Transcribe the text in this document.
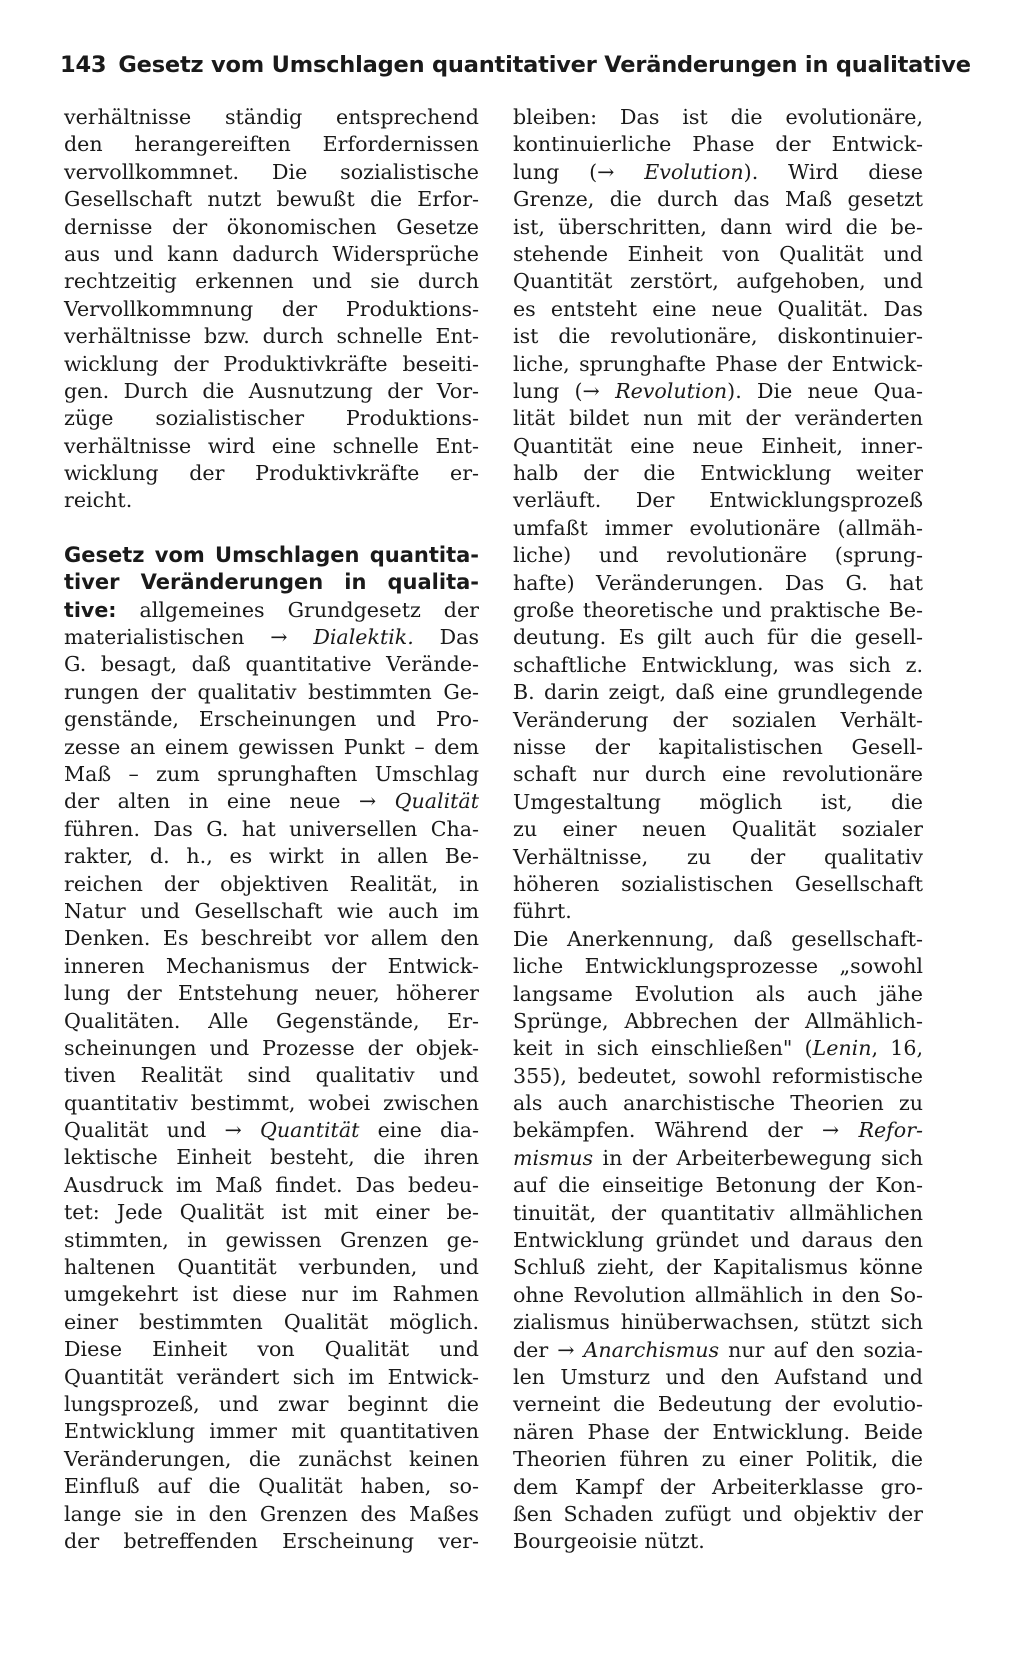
143 Gesetz vom Umschlagen quantitativer Veränderungen in qualitative
verhältnisse ständig entsprechend
den herangereiften Erfordernissen
vervollkommnet. Die sozialistische
Gesellschaft nutzt bewußt die Erfor-
dernisse der ökonomischen Gesetze
aus und kann dadurch Widersprüche
rechtzeitig erkennen und sie durch
Vervollkommnung der Produktions-
verhältnisse bzw. durch schnelle Ent-
wicklung der Produktivkräfte beseiti-
gen. Durch die Ausnutzung der Vor-
züge sozialistischer Produktions-
verhältnisse wird eine schnelle Ent-
wicklung der Produktivkräfte er-
reicht.
Gesetz vom Umschlagen quantita-
tiver Veränderungen in qualita-
tive: allgemeines Grundgesetz der
materialistischen → Dialektik. Das
G. besagt, daß quantitative Verände-
rungen der qualitativ bestimmten Ge-
genstände, Erscheinungen und Pro-
zesse an einem gewissen Punkt – dem
Maß – zum sprunghaften Umschlag
der alten in eine neue → Qualität
führen. Das G. hat universellen Cha-
rakter, d. h., es wirkt in allen Be-
reichen der objektiven Realität, in
Natur und Gesellschaft wie auch im
Denken. Es beschreibt vor allem den
inneren Mechanismus der Entwick-
lung der Entstehung neuer, höherer
Qualitäten. Alle Gegenstände, Er-
scheinungen und Prozesse der objek-
tiven Realität sind qualitativ und
quantitativ bestimmt, wobei zwischen
Qualität und → Quantität eine dia-
lektische Einheit besteht, die ihren
Ausdruck im Maß findet. Das bedeu-
tet: Jede Qualität ist mit einer be-
stimmten, in gewissen Grenzen ge-
haltenen Quantität verbunden, und
umgekehrt ist diese nur im Rahmen
einer bestimmten Qualität möglich.
Diese Einheit von Qualität und
Quantität verändert sich im Entwick-
lungsprozeß, und zwar beginnt die
Entwicklung immer mit quantitativen
Veränderungen, die zunächst keinen
Einfluß auf die Qualität haben, so-
lange sie in den Grenzen des Maßes
der betreffenden Erscheinung ver-
bleiben: Das ist die evolutionäre,
kontinuierliche Phase der Entwick-
lung (→ Evolution). Wird diese
Grenze, die durch das Maß gesetzt
ist, überschritten, dann wird die be-
stehende Einheit von Qualität und
Quantität zerstört, aufgehoben, und
es entsteht eine neue Qualität. Das
ist die revolutionäre, diskontinuier-
liche, sprunghafte Phase der Entwick-
lung (→ Revolution). Die neue Qua-
lität bildet nun mit der veränderten
Quantität eine neue Einheit, inner-
halb der die Entwicklung weiter
verläuft. Der Entwicklungsprozeß
umfaßt immer evolutionäre (allmäh-
liche) und revolutionäre (sprung-
hafte) Veränderungen. Das G. hat
große theoretische und praktische Be-
deutung. Es gilt auch für die gesell-
schaftliche Entwicklung, was sich z.
B. darin zeigt, daß eine grundlegende
Veränderung der sozialen Verhält-
nisse der kapitalistischen Gesell-
schaft nur durch eine revolutionäre
Umgestaltung möglich ist, die
zu einer neuen Qualität sozialer
Verhältnisse, zu der qualitativ
höheren sozialistischen Gesellschaft
führt.
Die Anerkennung, daß gesellschaft-
liche Entwicklungsprozesse „sowohl
langsame Evolution als auch jähe
Sprünge, Abbrechen der Allmählich-
keit in sich einschließen" (Lenin, 16,
355), bedeutet, sowohl reformistische
als auch anarchistische Theorien zu
bekämpfen. Während der → Refor-
mismus in der Arbeiterbewegung sich
auf die einseitige Betonung der Kon-
tinuität, der quantitativ allmählichen
Entwicklung gründet und daraus den
Schluß zieht, der Kapitalismus könne
ohne Revolution allmählich in den So-
zialismus hinüberwachsen, stützt sich
der → Anarchismus nur auf den sozia-
len Umsturz und den Aufstand und
verneint die Bedeutung der evolutio-
nären Phase der Entwicklung. Beide
Theorien führen zu einer Politik, die
dem Kampf der Arbeiterklasse gro-
ßen Schaden zufügt und objektiv der
Bourgeoisie nützt.
